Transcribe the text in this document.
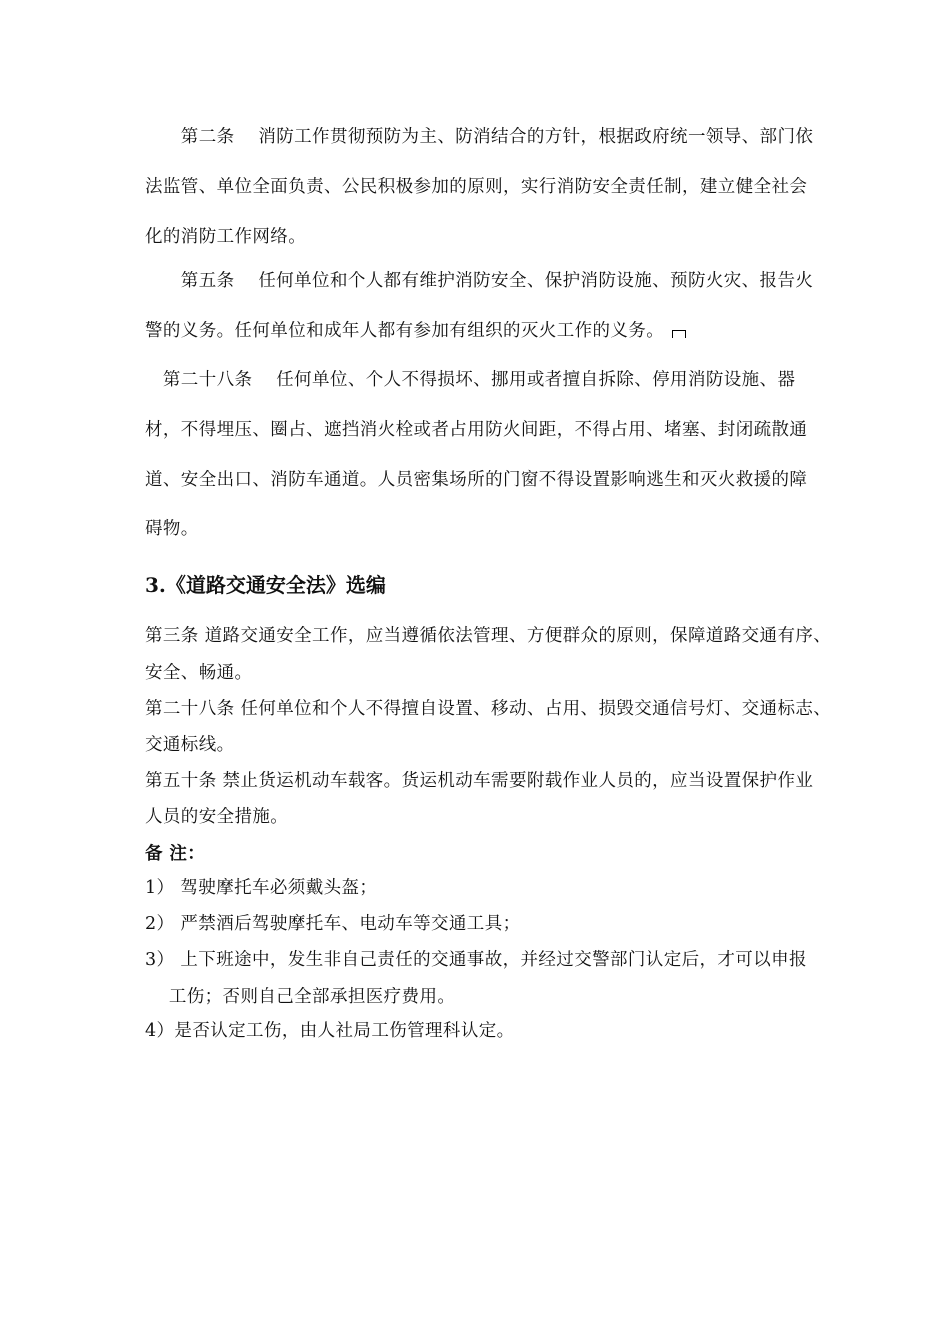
　　第二条　 消防工作贯彻预防为主、防消结合的方针，根据政府统一领导、部门依
法监管、单位全面负责、公民积极参加的原则，实行消防安全责任制，建立健全社会
化的消防工作网络。
　　第五条　 任何单位和个人都有维护消防安全、保护消防设施、预防火灾、报告火
警的义务。任何单位和成年人都有参加有组织的灭火工作的义务。
　第二十八条　 任何单位、个人不得损坏、挪用或者擅自拆除、停用消防设施、器
材，不得埋压、圈占、遮挡消火栓或者占用防火间距，不得占用、堵塞、封闭疏散通
道、安全出口、消防车通道。人员密集场所的门窗不得设置影响逃生和灭火救援的障
碍物。
3.《道路交通安全法》选编
第三条 道路交通安全工作，应当遵循依法管理、方便群众的原则，保障道路交通有序、
安全、畅通。
第二十八条 任何单位和个人不得擅自设置、移动、占用、损毁交通信号灯、交通标志、
交通标线。
第五十条 禁止货运机动车载客。货运机动车需要附载作业人员的，应当设置保护作业
人员的安全措施。
备 注：
1） 驾驶摩托车必须戴头盔；
2） 严禁酒后驾驶摩托车、电动车等交通工具；
3） 上下班途中，发生非自己责任的交通事故，并经过交警部门认定后，才可以申报
　 工伤；否则自己全部承担医疗费用。
4）是否认定工伤，由人社局工伤管理科认定。
